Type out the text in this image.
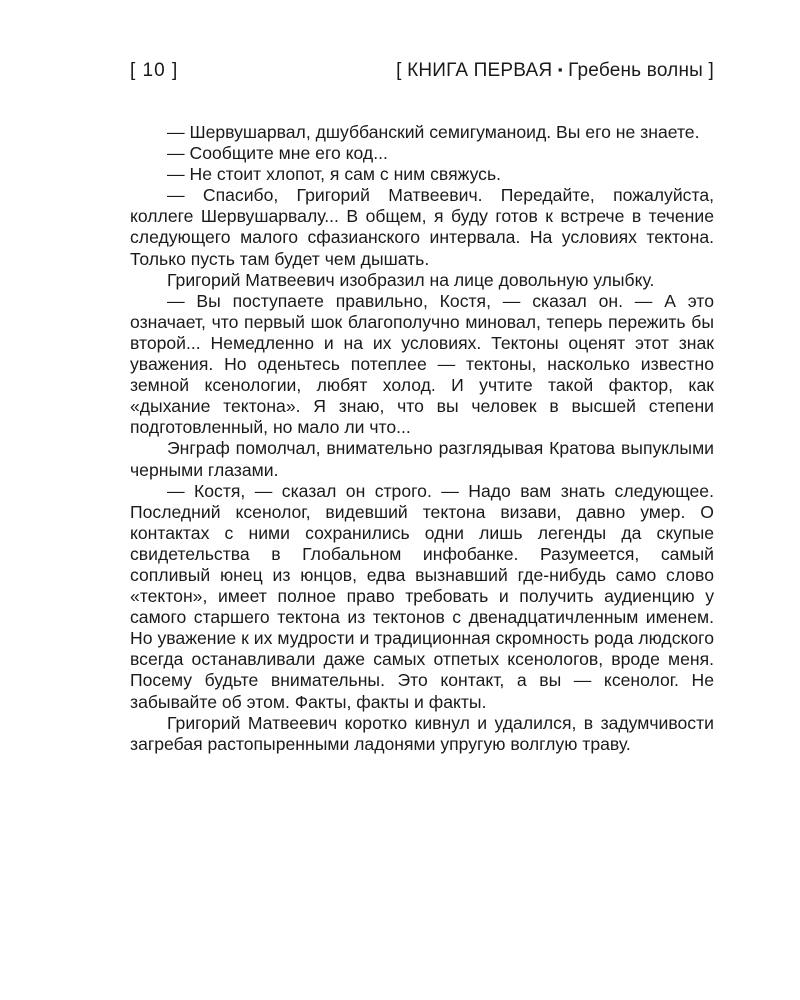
[ 10 ]	[ КНИГА ПЕРВАЯ ▪ Гребень волны ]

— Шервушарвал, дшуббанский семигуманоид. Вы его не знаете.

— Сообщите мне его код...

— Не стоит хлопот, я сам с ним свяжусь.

— Спасибо, Григорий Матвеевич. Передайте, пожалуйста, коллеге Шервушарвалу... В общем, я буду готов к встрече в течение следующего малого сфазианского интервала. На условиях тектона. Только пусть там будет чем дышать.

Григорий Матвеевич изобразил на лице довольную улыбку.

— Вы поступаете правильно, Костя, — сказал он. — А это означает, что первый шок благополучно миновал, теперь пережить бы второй... Немедленно и на их условиях. Тектоны оценят этот знак уважения. Но оденьтесь потеплее — тектоны, насколько известно земной ксенологии, любят холод. И учтите такой фактор, как «дыхание тектона». Я знаю, что вы человек в высшей степени подготовленный, но мало ли что...

Энграф помолчал, внимательно разглядывая Кратова выпуклыми черными глазами.

— Костя, — сказал он строго. — Надо вам знать следующее. Последний ксенолог, видевший тектона визави, давно умер. О контактах с ними сохранились одни лишь легенды да скупые свидетельства в Глобальном инфобанке. Разумеется, самый сопливый юнец из юнцов, едва вызнавший где-нибудь само слово «тектон», имеет полное право требовать и получить аудиенцию у самого старшего тектона из тектонов с двенадцатичленным именем. Но уважение к их мудрости и традиционная скромность рода людского всегда останавливали даже самых отпетых ксенологов, вроде меня. Посему будьте внимательны. Это контакт, а вы — ксенолог. Не забывайте об этом. Факты, факты и факты.

Григорий Матвеевич коротко кивнул и удалился, в задумчивости загребая растопыренными ладонями упругую волглую траву.
